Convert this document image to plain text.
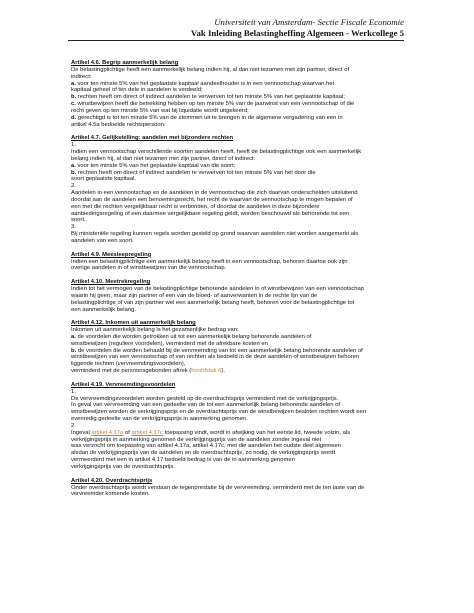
Universiteit van Amsterdam- Sectie Fiscale Economie
Vak Inleiding Belastingheffing Algemeen - Werkcollege 5
Artikel 4.6. Begrip aanmerkelijk belang
De belastingplichtige heeft een aanmerkelijk belang indien hij, al dan niet tezamen met zijn partner, direct of
indirect:
a. voor ten minste 5% van het geplaatste kapitaal aandeelhouder is in een vennootschap waarvan het
kapitaal geheel of ten dele in aandelen is verdeeld;
b. rechten heeft om direct of indirect aandelen te verwerven tot ten minste 5% van het geplaatste kapitaal;
c. winstbewijzen heeft die betrekking hebben op ten minste 5% van de jaarwinst van een vennootschap of die
recht geven op ten minste 5% van wat bij liquidatie wordt uitgekeerd;
d. gerechtigd is tot ten minste 5% van de stemmen uit te brengen in de algemene vergadering van een in
artikel 4.5a bedoelde rechtspersoon.
Artikel 4.7. Gelijkstelling: aandelen met bijzondere rechten
1.
Indien een vennootschap verschillende soorten aandelen heeft, heeft de belastingplichtige ook een aanmerkelijk
belang indien hij, al dan niet tezamen met zijn partner, direct of indirect:
a. voor ten minste 5% van het geplaatste kapitaal van die soort;
b. rechten heeft om direct of indirect aandelen te verwerven tot ten minste 5% van het door die
soort geplaatste kapitaal.
2.
Aandelen in een vennootschap en de aandelen in de vennootschap die zich daarvan onderscheiden uitsluitend
doordat aan de aandelen een benoemingsrecht, het recht de waarvan de vennootschap te mogen bepalen of
een met die rechten vergelijkbaar recht is verbonden, of doordat de aandelen in deze bijzondere
aanbiedingsregeling of een daarmee vergelijkbare regeling geldt, worden beschouwd als behorende tot een
soort.
3.
Bij ministeriële regeling kunnen regels worden gesteld op grond waarvan aandelen niet worden aangemerkt als
aandelen van een soort.
Artikel 4.9. Meesleepregeling
Indien een belastingplichtige een aanmerkelijk belang heeft in een vennootschap, behoren daartoe ook zijn
overige aandelen in of winstbewijzen van die vennootschap.
Artikel 4.10. Meetrekregeling
Indien tot het vermogen van de belastingplichtige behorende aandelen in of winstbewijzen van een vennootschap
waarin hij geen, maar zijn partner of een van de bloed- of aanverwanten in de rechte lijn van de
belastingplichtige of van zijn partner wel een aanmerkelijk belang heeft, behoren voor de belastingplichtige tot
een aanmerkelijk belang.
Artikel 4.12. Inkomen uit aanmerkelijk belang
Inkomen uit aanmerkelijk belang is het gezamenlijke bedrag van:
a. de voordelen die worden getrokken uit tot een aanmerkelijk belang behorende aandelen of
winstbewijzen (reguliere voordelen), verminderd met de afrekbare kosten en
b. de voordelen die worden behaald bij de vervreemding van tot een aanmerkelijk belang behorende aandelen of
winstbewijzen van een vennootschap of van rechten als bedoeld in de deze aandelen of winstbewijzen behoren
liggende rechten (vervreemdingsvoordelen),
verminderd met de persoonsgebonden aftrek (hoofdstuk 6).
Artikel 4.19. Vervreemdingsvoordelen
1.
De vervreemdingsvoordelen worden gesteld op de overdrachtsprijs verminderd met de verkrijgingsprijs.
In geval van vervreemding van een gedeelte van de tot een aanmerkelijk belang behorende aandelen of
winstbewijzen worden de verkrijgingsprijs en de overdrachtsprijs van de winstbewijzen besloten rechten wordt een
evenredig gedeelte van de verkrijgingsprijs in aanmerking genomen.
2.
Ingeval artikel 4.17a of artikel 4.17c toepassing vindt, wordt in afwijking van het eerste lid, tweede volzin, als
verkrijgingsprijs in aanmerking genomen de verkrijgingsprijs van de aandelen zonder ingeval niet
was verzocht om toepassing van artikel 4.17a, artikel 4.17c, met die aandelen het oudste deel algemeen
alsdan de verkrijgingsprijs van de aandelen en de overdrachtsprijs, zo nodig, de verkrijgingsprijs wordt
vermeerderd met een in artikel 4.17 bedoeld bedrag is van de in aanmerking genomen
verkrijgingsprijs van de overdrachtsprijs.
Artikel 4.20. Overdrachtsprijs
Onder overdrachtsprijs wordt verstaan de tegenprestatie bij de vervreemding, verminderd met de ten laste van de
vervreemder komende kosten.
